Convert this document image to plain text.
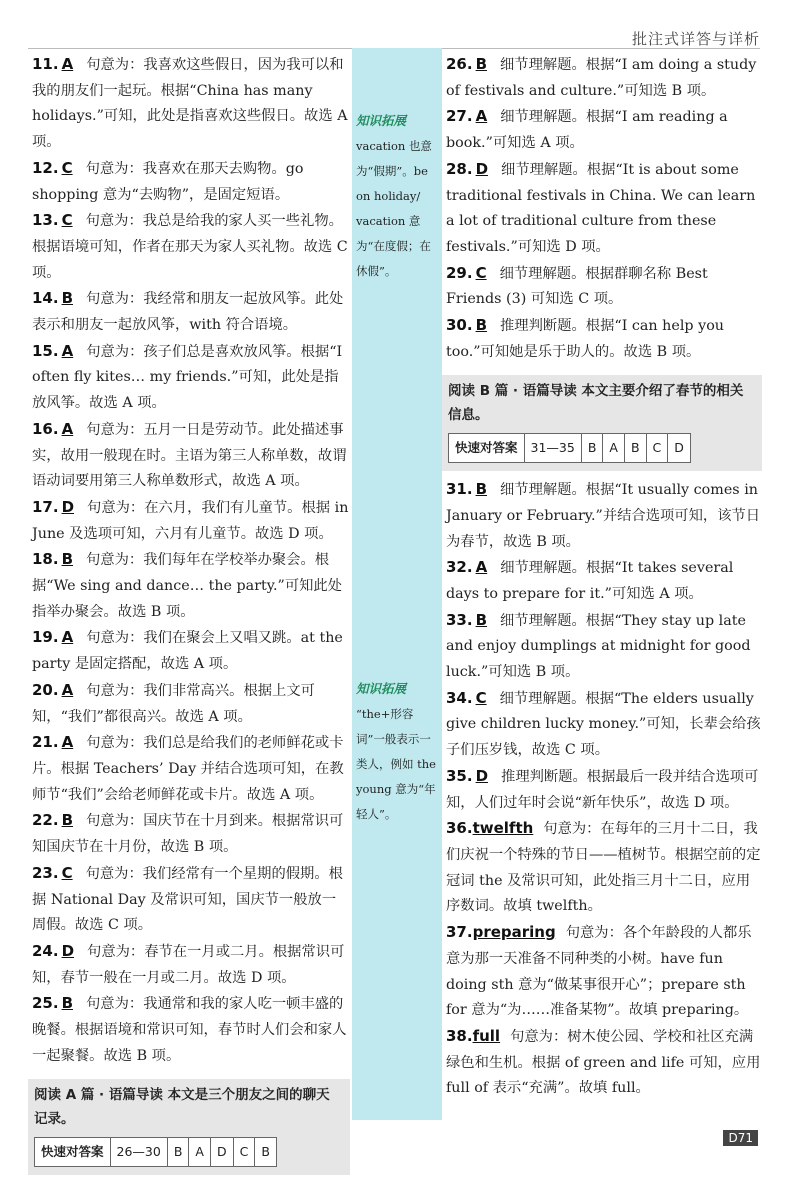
批注式详答与详析
知识拓展
vacation 也意为“假期”。be on holiday/ vacation 意为“在度假；在休假”。
知识拓展
“the+形容词”一般表示一类人，例如 the young 意为“年轻人”。

11. A 句意为：我喜欢这些假日，因为我可以和我的朋友们一起玩。根据“China has many holidays.”可知，此处是指喜欢这些假日。故选 A 项。

12. C 句意为：我喜欢在那天去购物。go shopping 意为“去购物”，是固定短语。

13. C 句意为：我总是给我的家人买一些礼物。根据语境可知，作者在那天为家人买礼物。故选 C 项。

14. B 句意为：我经常和朋友一起放风筝。此处表示和朋友一起放风筝，with 符合语境。

15. A 句意为：孩子们总是喜欢放风筝。根据“I often fly kites… my friends.”可知，此处是指放风筝。故选 A 项。

16. A 句意为：五月一日是劳动节。此处描述事实，故用一般现在时。主语为第三人称单数，故谓语动词要用第三人称单数形式，故选 A 项。

17. D 句意为：在六月，我们有儿童节。根据 in June 及选项可知，六月有儿童节。故选 D 项。

18. B 句意为：我们每年在学校举办聚会。根据“We sing and dance… the party.”可知此处指举办聚会。故选 B 项。

19. A 句意为：我们在聚会上又唱又跳。at the party 是固定搭配，故选 A 项。

20. A 句意为：我们非常高兴。根据上文可知，“我们”都很高兴。故选 A 项。

21. A 句意为：我们总是给我们的老师鲜花或卡片。根据 Teachers’ Day 并结合选项可知，在教师节“我们”会给老师鲜花或卡片。故选 A 项。

22. B 句意为：国庆节在十月到来。根据常识可知国庆节在十月份，故选 B 项。

23. C 句意为：我们经常有一个星期的假期。根据 National Day 及常识可知，国庆节一般放一周假。故选 C 项。

24. D 句意为：春节在一月或二月。根据常识可知，春节一般在一月或二月。故选 D 项。

25. B 句意为：我通常和我的家人吃一顿丰盛的晚餐。根据语境和常识可知，春节时人们会和家人一起聚餐。故选 B 项。

阅读 A 篇 · 语篇导读 本文是三个朋友之间的聊天记录。
快速对答案	26—30	B	A	D	C	B

26. B 细节理解题。根据“I am doing a study of festivals and culture.”可知选 B 项。

27. A 细节理解题。根据“I am reading a book.”可知选 A 项。

28. D 细节理解题。根据“It is about some traditional festivals in China. We can learn a lot of traditional culture from these festivals.”可知选 D 项。

29. C 细节理解题。根据群聊名称 Best Friends (3) 可知选 C 项。

30. B 推理判断题。根据“I can help you too.”可知她是乐于助人的。故选 B 项。

阅读 B 篇 · 语篇导读 本文主要介绍了春节的相关信息。
快速对答案	31—35	B	A	B	C	D

31. B 细节理解题。根据“It usually comes in January or February.”并结合选项可知，该节日为春节，故选 B 项。

32. A 细节理解题。根据“It takes several days to prepare for it.”可知选 A 项。

33. B 细节理解题。根据“They stay up late and enjoy dumplings at midnight for good luck.”可知选 B 项。

34. C 细节理解题。根据“The elders usually give children lucky money.”可知，长辈会给孩子们压岁钱，故选 C 项。

35. D 推理判断题。根据最后一段并结合选项可知，人们过年时会说“新年快乐”，故选 D 项。

36.twelfth 句意为：在每年的三月十二日，我们庆祝一个特殊的节日——植树节。根据空前的定冠词 the 及常识可知，此处指三月十二日，应用序数词。故填 twelfth。

37.preparing 句意为：各个年龄段的人都乐意为那一天准备不同种类的小树。have fun doing sth 意为“做某事很开心”；prepare sth for 意为“为……准备某物”。故填 preparing。

38.full 句意为：树木使公园、学校和社区充满绿色和生机。根据 of green and life 可知，应用 full of 表示“充满”。故填 full。

D71
